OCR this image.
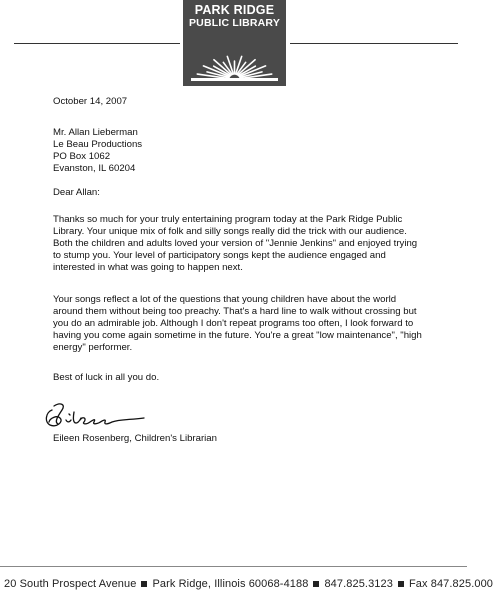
PARK RIDGE
PUBLIC LIBRARY
October 14, 2007
Mr. Allan Lieberman
Le Beau Productions
PO Box 1062
Evanston, IL 60204
Dear Allan:
Thanks so much for your truly entertaining program today at the Park Ridge Public
Library. Your unique mix of folk and silly songs really did the trick with our audience.
Both the children and adults loved your version of "Jennie Jenkins" and enjoyed trying
to stump you. Your level of participatory songs kept the audience engaged and
interested in what was going to happen next.
Your songs reflect a lot of the questions that young children have about the world
around them without being too preachy. That's a hard line to walk without crossing but
you do an admirable job. Although I don't repeat programs too often, I look forward to
having you come again sometime in the future. You're a great "low maintenance", "high
energy" performer.
Best of luck in all you do.
Eileen Rosenberg, Children's Librarian
20 South Prospect Avenue Park Ridge, Illinois 60068-4188 847.825.3123 Fax 847.825.000
